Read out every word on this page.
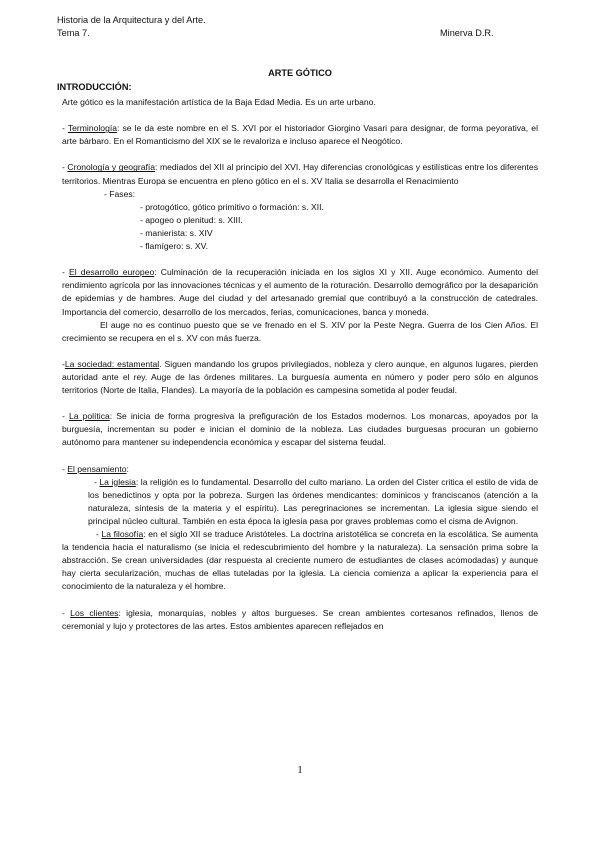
Historia de la Arquitectura y del Arte.
Tema 7.	Minerva D.R.
ARTE GÓTICO
INTRODUCCIÓN:

Arte gótico es la manifestación artística de la Baja Edad Media. Es un arte urbano.

- Terminología: se le da este nombre en el S. XVI por el historiador Giorgino Vasari para designar, de forma peyorativa, el arte bárbaro. En el Romanticismo del XIX se le revaloriza e incluso aparece el Neogótico.

- Cronología y geografía: mediados del XII al principio del XVI. Hay diferencias cronológicas y estilísticas entre los diferentes territorios. Mientras Europa se encuentra en pleno gótico en el s. XV Italia se desarrolla el Renacimiento

- Fases:

- protogótico, gótico primitivo o formación: s. XII.

- apogeo o plenitud: s. XIII.

- manierista: s. XIV

- flamígero: s. XV.

- El desarrollo europeo: Culminación de la recuperación iniciada en los siglos XI y XII. Auge económico. Aumento del rendimiento agrícola por las innovaciones técnicas y el aumento de la roturación. Desarrollo demográfico por la desaparición de epidemias y de hambres. Auge del ciudad y del artesanado gremial que contribuyó a la construcción de catedrales. Importancia del comercio, desarrollo de los mercados, ferias, comunicaciones, banca y moneda.

El auge no es continuo puesto que se ve frenado en el S. XIV por la Peste Negra. Guerra de los Cien Años. El crecimiento se recupera en el s. XV con más fuerza.

-La sociedad: estamental. Siguen mandando los grupos privilegiados, nobleza y clero aunque, en algunos lugares, pierden autoridad ante el rey. Auge de las órdenes militares. La burguesía aumenta en número y poder pero sólo en algunos territorios (Norte de Italia, Flandes). La mayoría de la población es campesina sometida al poder feudal.

- La política: Se inicia de forma progresiva la prefiguración de los Estados modernos. Los monarcas, apoyados por la burguesía, incrementan su poder e inician el dominio de la nobleza. Las ciudades burguesas procuran un gobierno autónomo para mantener su independencia económica y escapar del sistema feudal.

- El pensamiento:

- La iglesia: la religión es lo fundamental. Desarrollo del culto mariano. La orden del Cister critica el estilo de vida de los benedictinos y opta por la pobreza. Surgen las órdenes mendicantes: dominicos y franciscanos (atención a la naturaleza, síntesis de la materia y el espíritu). Las peregrinaciones se incrementan. La iglesia sigue siendo el principal núcleo cultural. También en esta época la iglesia pasa por graves problemas como el cisma de Avignon.

- La filosofía: en el siglo XII se traduce Aristóteles. La doctrina aristotélica se concreta en la escolática. Se aumenta la tendencia hacia el naturalismo (se inicia el redescubrimiento del hombre y la naturaleza). La sensación prima sobre la abstracción. Se crean universidades (dar respuesta al creciente numero de estudiantes de clases acomodadas) y aunque hay cierta secularización, muchas de ellas tuteladas por la iglesia. La ciencia comienza a aplicar la experiencia para el conocimiento de la naturaleza y el hombre.

- Los clientes: iglesia, monarquías, nobles y altos burgueses. Se crean ambientes cortesanos refinados, llenos de ceremonial y lujo y protectores de las artes. Estos ambientes aparecen reflejados en

1
